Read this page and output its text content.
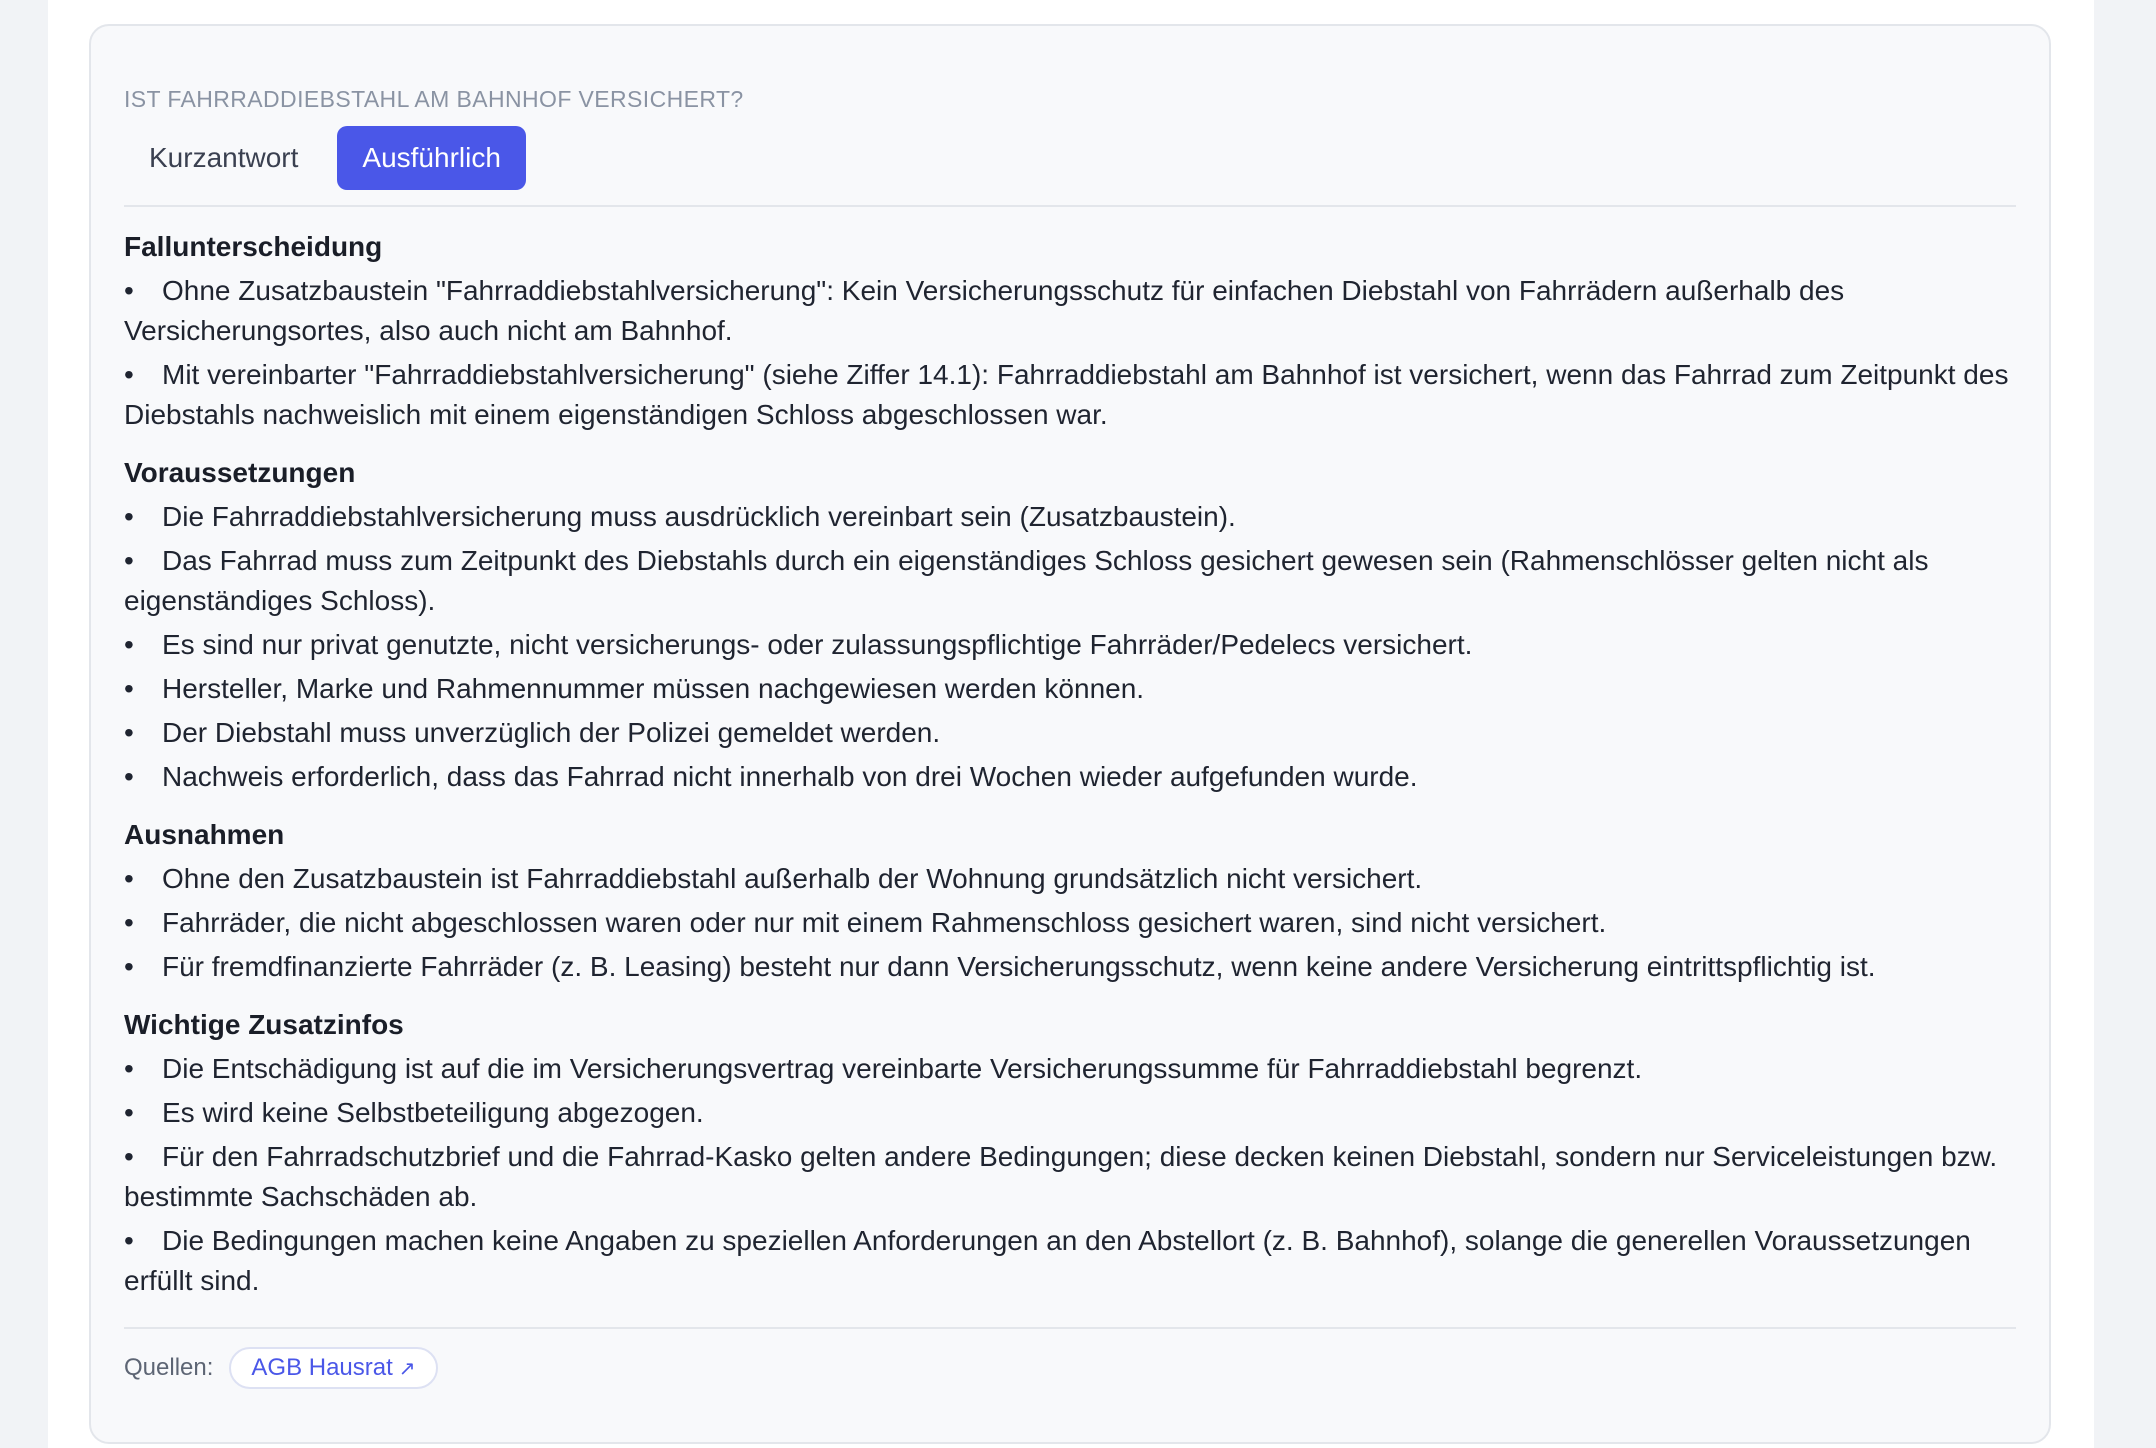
IST FAHRRADDIEBSTAHL AM BAHNHOF VERSICHERT?
Kurzantwort	Ausführlich
Fallunterscheidung
• Ohne Zusatzbaustein "Fahrraddiebstahlversicherung": Kein Versicherungsschutz für einfachen Diebstahl von Fahrrädern außerhalb des Versicherungsortes, also auch nicht am Bahnhof.
• Mit vereinbarter "Fahrraddiebstahlversicherung" (siehe Ziffer 14.1): Fahrraddiebstahl am Bahnhof ist versichert, wenn das Fahrrad zum Zeitpunkt des Diebstahls nachweislich mit einem eigenständigen Schloss abgeschlossen war.
Voraussetzungen
• Die Fahrraddiebstahlversicherung muss ausdrücklich vereinbart sein (Zusatzbaustein).
• Das Fahrrad muss zum Zeitpunkt des Diebstahls durch ein eigenständiges Schloss gesichert gewesen sein (Rahmenschlösser gelten nicht als eigenständiges Schloss).
• Es sind nur privat genutzte, nicht versicherungs- oder zulassungspflichtige Fahrräder/Pedelecs versichert.
• Hersteller, Marke und Rahmennummer müssen nachgewiesen werden können.
• Der Diebstahl muss unverzüglich der Polizei gemeldet werden.
• Nachweis erforderlich, dass das Fahrrad nicht innerhalb von drei Wochen wieder aufgefunden wurde.
Ausnahmen
• Ohne den Zusatzbaustein ist Fahrraddiebstahl außerhalb der Wohnung grundsätzlich nicht versichert.
• Fahrräder, die nicht abgeschlossen waren oder nur mit einem Rahmenschloss gesichert waren, sind nicht versichert.
• Für fremdfinanzierte Fahrräder (z. B. Leasing) besteht nur dann Versicherungsschutz, wenn keine andere Versicherung eintrittspflichtig ist.
Wichtige Zusatzinfos
• Die Entschädigung ist auf die im Versicherungsvertrag vereinbarte Versicherungssumme für Fahrraddiebstahl begrenzt.
• Es wird keine Selbstbeteiligung abgezogen.
• Für den Fahrradschutzbrief und die Fahrrad-Kasko gelten andere Bedingungen; diese decken keinen Diebstahl, sondern nur Serviceleistungen bzw. bestimmte Sachschäden ab.
• Die Bedingungen machen keine Angaben zu speziellen Anforderungen an den Abstellort (z. B. Bahnhof), solange die generellen Voraussetzungen erfüllt sind.
Quellen: AGB Hausrat ↗
